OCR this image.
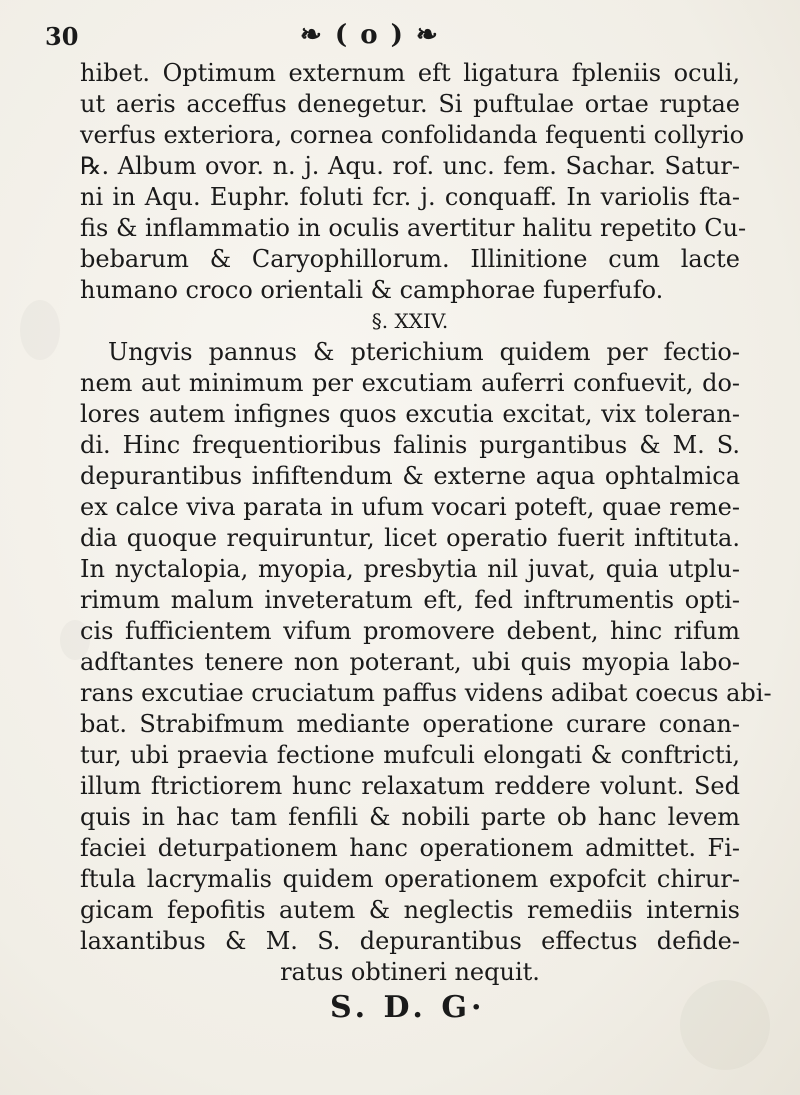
30	❧ ( o ) ❧
hibet. Optimum externum eft ligatura fpleniis oculi,
ut aeris acceffus denegetur. Si puftulae ortae ruptae
verfus exteriora, cornea confolidanda fequenti collyrio
℞. Album ovor. n. j. Aqu. rof. unc. fem. Sachar. Satur-
ni in Aqu. Euphr. foluti fcr. j. conquaff. In variolis fta-
fis & inflammatio in oculis avertitur halitu repetito Cu-
bebarum & Caryophillorum. Illinitione cum lacte
humano croco orientali & camphorae fuperfufo.
§. XXIV.
Ungvis pannus & pterichium quidem per fectio-
nem aut minimum per excutiam auferri confuevit, do-
lores autem infignes quos excutia excitat, vix toleran-
di. Hinc frequentioribus falinis purgantibus & M. S.
depurantibus infiftendum & externe aqua ophtalmica
ex calce viva parata in ufum vocari poteft, quae reme-
dia quoque requiruntur, licet operatio fuerit inftituta.
In nyctalopia, myopia, presbytia nil juvat, quia utplu-
rimum malum inveteratum eft, fed inftrumentis opti-
cis fufficientem vifum promovere debent, hinc rifum
adftantes tenere non poterant, ubi quis myopia labo-
rans excutiae cruciatum paffus videns adibat coecus abi-
bat. Strabifmum mediante operatione curare conan-
tur, ubi praevia fectione mufculi elongati & conftricti,
illum ftrictiorem hunc relaxatum reddere volunt. Sed
quis in hac tam fenfili & nobili parte ob hanc levem
faciei deturpationem hanc operationem admittet. Fi-
ftula lacrymalis quidem operationem expofcit chirur-
gicam fepofitis autem & neglectis remediis internis
laxantibus & M. S. depurantibus effectus defide-
ratus obtineri nequit.
S. D. G·
